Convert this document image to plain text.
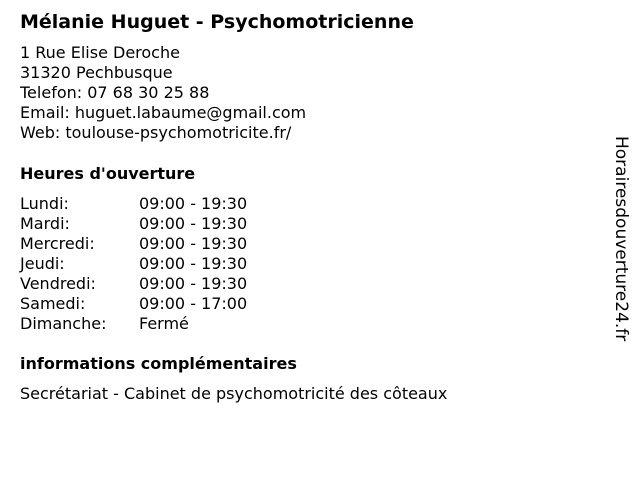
Mélanie Huguet - Psychomotricienne
1 Rue Elise Deroche
31320 Pechbusque
Telefon: 07 68 30 25 88
Email: huguet.labaume@gmail.com
Web: toulouse-psychomotricite.fr/
Heures d'ouverture
Lundi:	09:00 - 19:30
Mardi:	09:00 - 19:30
Mercredi:	09:00 - 19:30
Jeudi:	09:00 - 19:30
Vendredi:	09:00 - 19:30
Samedi:	09:00 - 17:00
Dimanche:	Fermé
informations complémentaires
Secrétariat - Cabinet de psychomotricité des côteaux
Horairesdouverture24.fr
